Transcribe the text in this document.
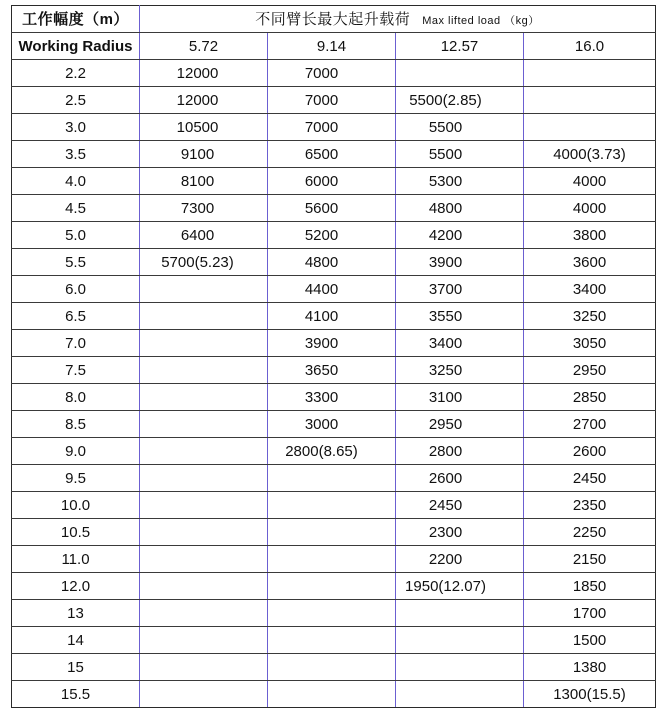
工作幅度（m）	不同臂长最大起升载荷 Max lifted load （kg）			
Working Radius	5.72	9.14	12.57	16.0
2.2	12000	7000		
2.5	12000	7000	5500(2.85)	
3.0	10500	7000	5500	
3.5	9100	6500	5500	4000(3.73)
4.0	8100	6000	5300	4000
4.5	7300	5600	4800	4000
5.0	6400	5200	4200	3800
5.5	5700(5.23)	4800	3900	3600
6.0		4400	3700	3400
6.5		4100	3550	3250
7.0		3900	3400	3050
7.5		3650	3250	2950
8.0		3300	3100	2850
8.5		3000	2950	2700
9.0		2800(8.65)	2800	2600
9.5			2600	2450
10.0			2450	2350
10.5			2300	2250
11.0			2200	2150
12.0			1950(12.07)	1850
13				1700
14				1500
15				1380
15.5				1300(15.5)
